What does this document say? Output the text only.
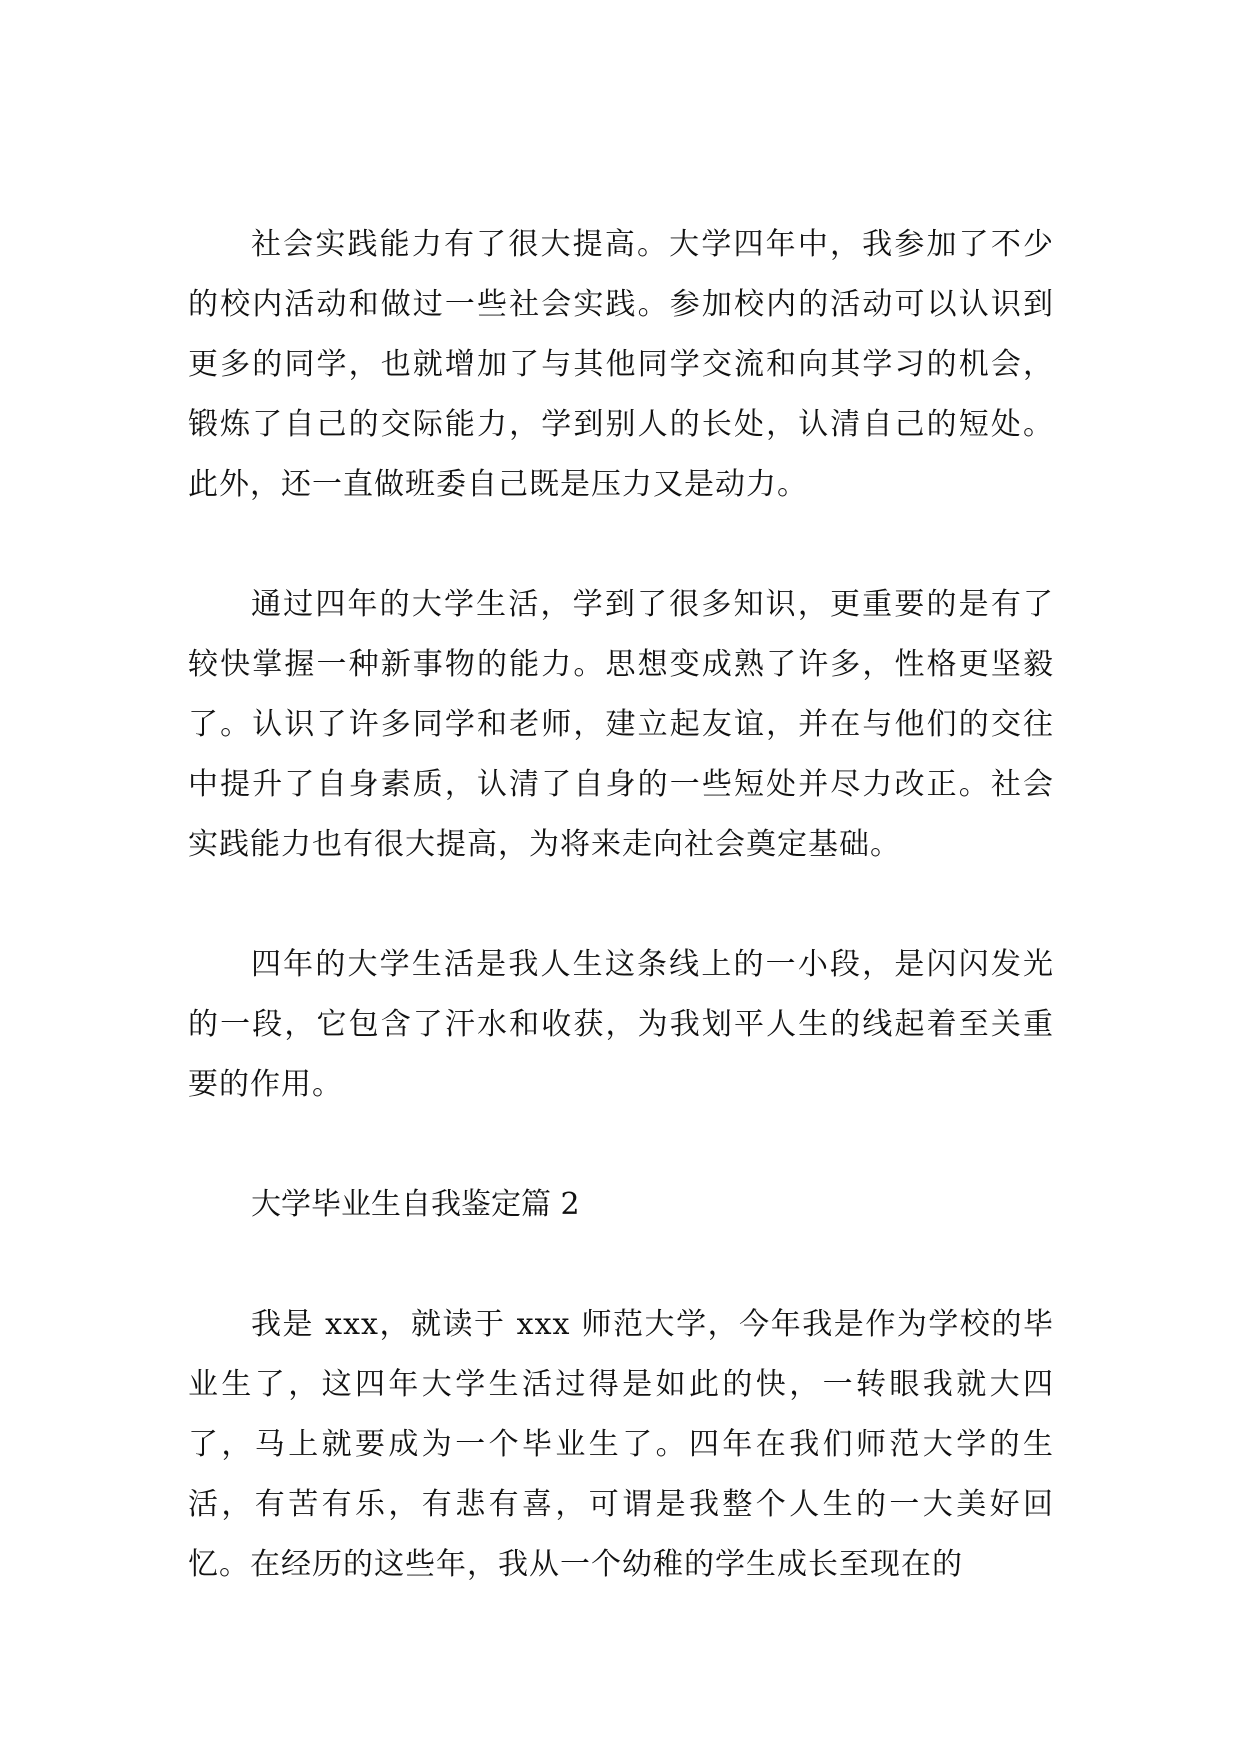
社会实践能力有了很大提高。大学四年中，我参加了不少的校内活动和做过一些社会实践。参加校内的活动可以认识到更多的同学，也就增加了与其他同学交流和向其学习的机会，锻炼了自己的交际能力，学到别人的长处，认清自己的短处。此外，还一直做班委自己既是压力又是动力。

通过四年的大学生活，学到了很多知识，更重要的是有了较快掌握一种新事物的能力。思想变成熟了许多，性格更坚毅了。认识了许多同学和老师，建立起友谊，并在与他们的交往中提升了自身素质，认清了自身的一些短处并尽力改正。社会实践能力也有很大提高，为将来走向社会奠定基础。

四年的大学生活是我人生这条线上的一小段，是闪闪发光的一段，它包含了汗水和收获，为我划平人生的线起着至关重要的作用。

大学毕业生自我鉴定篇 2

我是 xxx，就读于 xxx 师范大学，今年我是作为学校的毕业生了，这四年大学生活过得是如此的快，一转眼我就大四了，马上就要成为一个毕业生了。四年在我们师范大学的生活，有苦有乐，有悲有喜，可谓是我整个人生的一大美好回忆。在经历的这些年，我从一个幼稚的学生成长至现在的
